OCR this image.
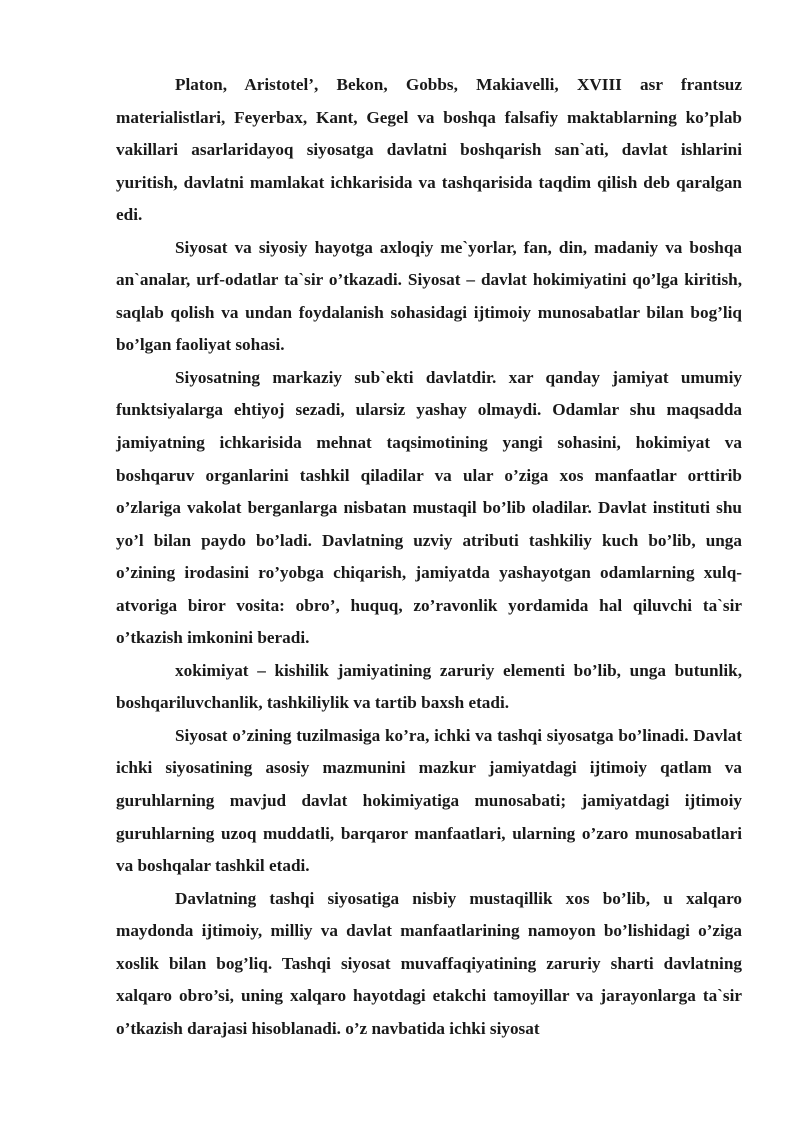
Platon, Aristotel’, Bekon, Gobbs, Makiavelli, XVIII asr frantsuz materialistlari, Feyerbax, Kant, Gegel va boshqa falsafiy maktablarning ko’plab vakillari asarlaridayoq siyosatga davlatni boshqarish san`ati, davlat ishlarini yuritish, davlatni mamlakat ichkarisida va tashqarisida taqdim qilish deb qaralgan edi.

Siyosat va siyosiy hayotga axloqiy me`yorlar, fan, din, madaniy va boshqa an`analar, urf-odatlar ta`sir o’tkazadi. Siyosat – davlat hokimiyatini qo’lga kiritish, saqlab qolish va undan foydalanish sohasidagi ijtimoiy munosabatlar bilan bog’liq bo’lgan faoliyat sohasi.

Siyosatning markaziy sub`ekti davlatdir. xar qanday jamiyat umumiy funktsiyalarga ehtiyoj sezadi, ularsiz yashay olmaydi. Odamlar shu maqsadda jamiyatning ichkarisida mehnat taqsimotining yangi sohasini, hokimiyat va boshqaruv organlarini tashkil qiladilar va ular o’ziga xos manfaatlar orttirib o’zlariga vakolat berganlarga nisbatan mustaqil bo’lib oladilar. Davlat instituti shu yo’l bilan paydo bo’ladi. Davlatning uzviy atributi tashkiliy kuch bo’lib, unga o’zining irodasini ro’yobga chiqarish, jamiyatda yashayotgan odamlarning xulq-atvoriga biror vosita: obro’, huquq, zo’ravonlik yordamida hal qiluvchi ta`sir o’tkazish imkonini beradi.

xokimiyat – kishilik jamiyatining zaruriy elementi bo’lib, unga butunlik, boshqariluvchanlik, tashkiliylik va tartib baxsh etadi.

Siyosat o’zining tuzilmasiga ko’ra, ichki va tashqi siyosatga bo’linadi. Davlat ichki siyosatining asosiy mazmunini mazkur jamiyatdagi ijtimoiy qatlam va guruhlarning mavjud davlat hokimiyatiga munosabati; jamiyatdagi ijtimoiy guruhlarning uzoq muddatli, barqaror manfaatlari, ularning o’zaro munosabatlari va boshqalar tashkil etadi.

Davlatning tashqi siyosatiga nisbiy mustaqillik xos bo’lib, u xalqaro maydonda ijtimoiy, milliy va davlat manfaatlarining namoyon bo’lishidagi o’ziga xoslik bilan bog’liq. Tashqi siyosat muvaffaqiyatining zaruriy sharti davlatning xalqaro obro’si, uning xalqaro hayotdagi etakchi tamoyillar va jarayonlarga ta`sir o’tkazish darajasi hisoblanadi. o’z navbatida ichki siyosat
